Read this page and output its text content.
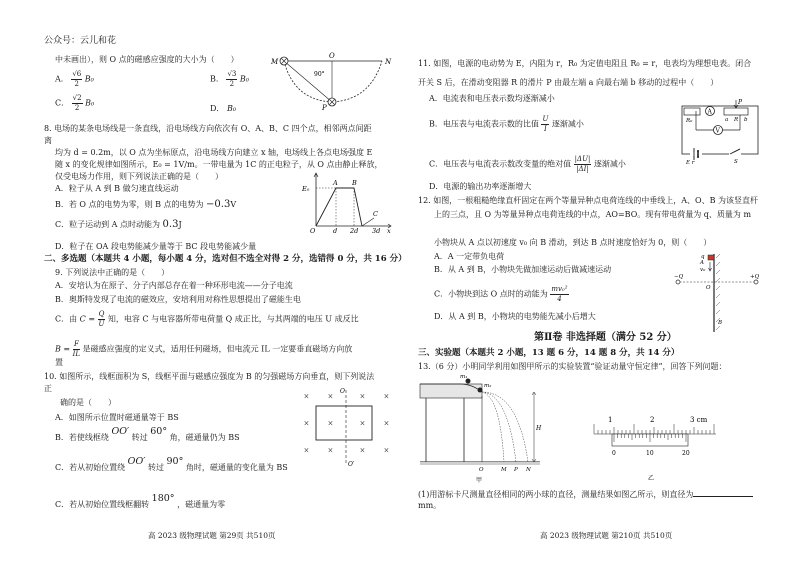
公众号：云儿和花
中未画出），则 O 点的磁感应强度的大小为（　　）
A． $\frac{√6}{2} B_0$	B． $\frac{√3}{2} B_0$
C． $\frac{√2}{2} B_0$
D． B₀
M
O
N
P
90°
8. 电场的某条电场线是一条直线，沿电场线方向依次有 O、A、B、C 四个点，相邻两点间距
离
均为 d = 0.2m，以 O 点为坐标原点，沿电场线方向建立 x 轴，电场线上各点电场强度 E
随 x 的变化规律如图所示，E₀ = 1V/m。一带电量为 1C 的正电粒子，从 O 点由静止释放，
仅受电场力作用，则下列说法正确的是（　　）
A．粒子从 A 到 B 做匀速直线运动
B．若 O 点的电势为零，则 B 点的电势为 −0.3V
C．粒子运动到 A 点时动能为 0.3J
D．粒子在 OA 段电势能减少量等于 BC 段电势能减少量
E₀
A B
C
O	d 2d 3d x
二、多选题（本题共 4 小题，每小题 4 分，选对但不选全对得 2 分，选错得 0 分，共 16 分）
9. 下列说法中正确的是（　　）
A．安培认为在原子、分子内部总存在着一种环形电流——分子电流
B．奥斯特发现了电流的磁效应，安培利用对称性思想提出了磁能生电
C．由 $C = \frac{Q}{U}$ 知，电容 C 与电容器所带电荷量 Q 成正比，与其两端的电压 U 成反比
$B = \frac{F}{IL}$ 是磁感应强度的定义式，适用任何磁场，但电流元 IL 一定要垂直磁场方向放
置
10. 如图所示，线框面积为 S，线框平面与磁感应强度为 B 的匀强磁场方向垂直，则下列说法
正
确的是（　　）
A．如图所示位置时磁通量等于 BS
B．若使线框绕 OO′ 转过 60° 角，磁通量仍为 BS
C．若从初始位置绕 OO′ 转过 90° 角时，磁通量的变化量为 BS
C．若从初始位置线框翻转 180° ，磁通量为零
O
O′
×
×
×
×
×
×
×
×
×
×
×
×
高 2023 级物理试题 第29页 共510页
11. 如图，电源的电动势为 E，内阻为 r，R₀ 为定值电阻且 R₀ = r，电表均为理想电表。闭合
开关 S 后，在滑动变阻器 R 的滑片 P 由最左端 a 向最右端 b 移动的过程中（　　）
A．电流表和电压表示数均逐渐减小
B．电压表与电流表示数的比值 $\frac{U}{I}$ 逐渐减小
C．电压表与电流表示数改变量的绝对值 $\frac{|\Delta U|}{|\Delta I|}$ 逐渐减小
D．电源的输出功率逐渐增大
A
P
a R b
R₀
V
E r	S
12. 如图，一根粗糙绝缘直杆固定在两个等量异种点电荷连线的中垂线上，A、O、B 为该竖直杆
上的三点，且 O 为等量异种点电荷连线的中点，AO=BO。现有带电荷量为 q、质量为 m
小物块从 A 点以初速度 v₀ 向 B 滑动，到达 B 点时速度恰好为 0，则（　　）
A．A 一定带负电荷
B．从 A 到 B，小物块先做加速运动后做减速运动
C．小物块到达 O 点时的动能为 $\frac{\text{mv₀²}}{4}$
D．从 A 到 B，小物块的电势能先减小后增大
q
A
v₀
O
B
−Q	+Q
第Ⅱ卷 非选择题（满分 52 分）
三、实验题（本题共 2 小题，13 题 6 分，14 题 8 分，共 14 分）
13.（6 分）小明同学利用如图甲所示的实验装置“验证动量守恒定律”，回答下列问题：
m₁
m₂
H
O	M P N
甲
1	2	3 cm
0	10	20
乙
(1)用游标卡尺测量直径相同的两小球的直径，测量结果如图乙所示，则直径为
mm。
高 2023 级物理试题 第210页 共510页
